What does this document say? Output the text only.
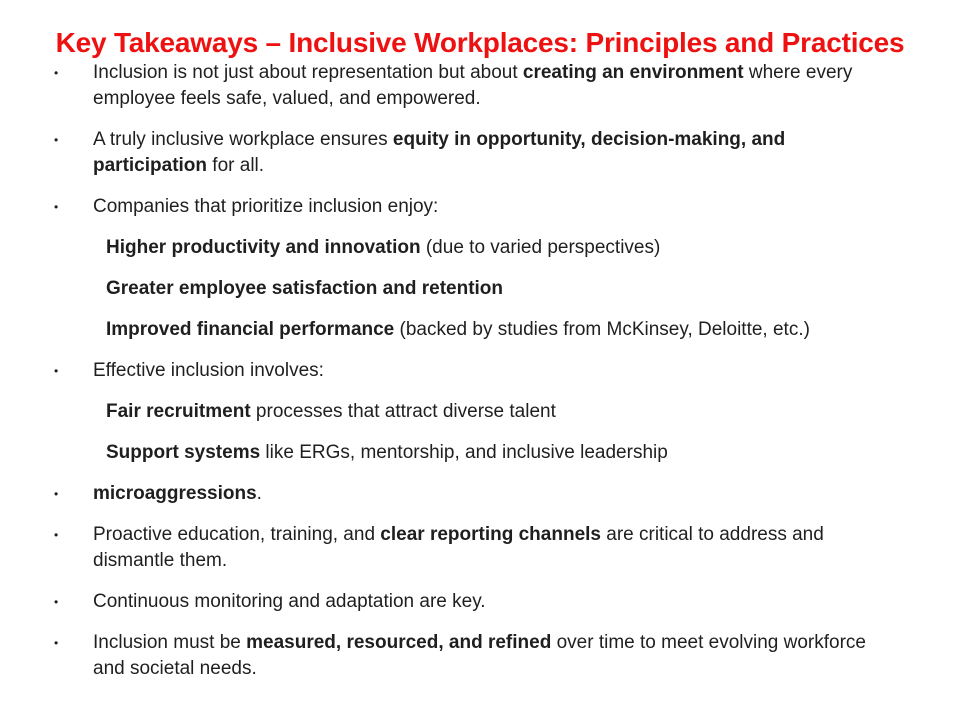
Key Takeaways – Inclusive Workplaces: Principles and Practices
• Inclusion is not just about representation but about creating an environment where every employee feels safe, valued, and empowered.
• A truly inclusive workplace ensures equity in opportunity, decision-making, and participation for all.
• Companies that prioritize inclusion enjoy:
Higher productivity and innovation (due to varied perspectives)
Greater employee satisfaction and retention
Improved financial performance (backed by studies from McKinsey, Deloitte, etc.)
• Effective inclusion involves:
Fair recruitment processes that attract diverse talent
Support systems like ERGs, mentorship, and inclusive leadership
• microaggressions.
• Proactive education, training, and clear reporting channels are critical to address and dismantle them.
• Continuous monitoring and adaptation are key.
• Inclusion must be measured, resourced, and refined over time to meet evolving workforce and societal needs.
